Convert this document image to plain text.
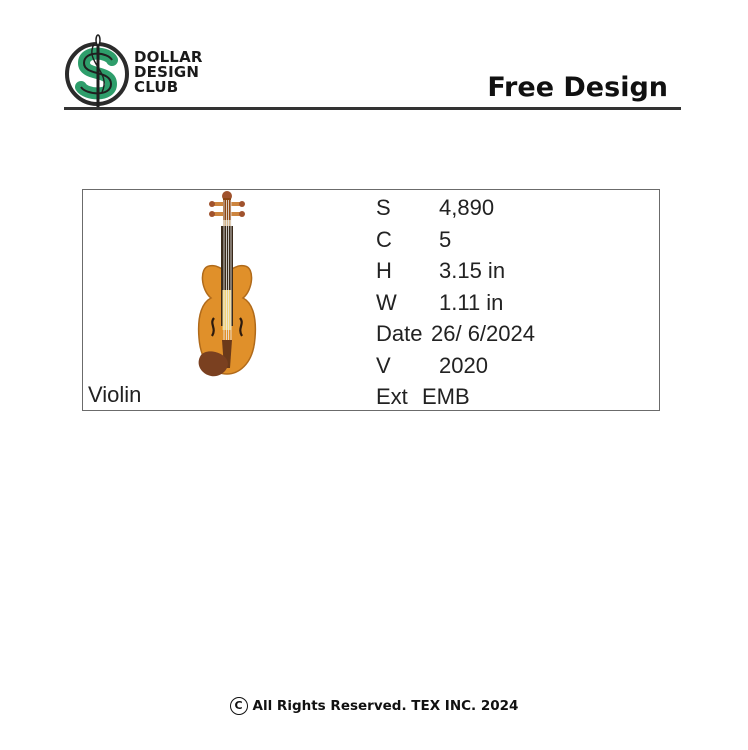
DOLLAR
DESIGN
CLUB	Free Design
Violin
S 4,890
C 5
H 3.15 in
W 1.11 in
Date 26/ 6/2024
V 2020
Ext EMB
C All Rights Reserved. TEX INC. 2024
